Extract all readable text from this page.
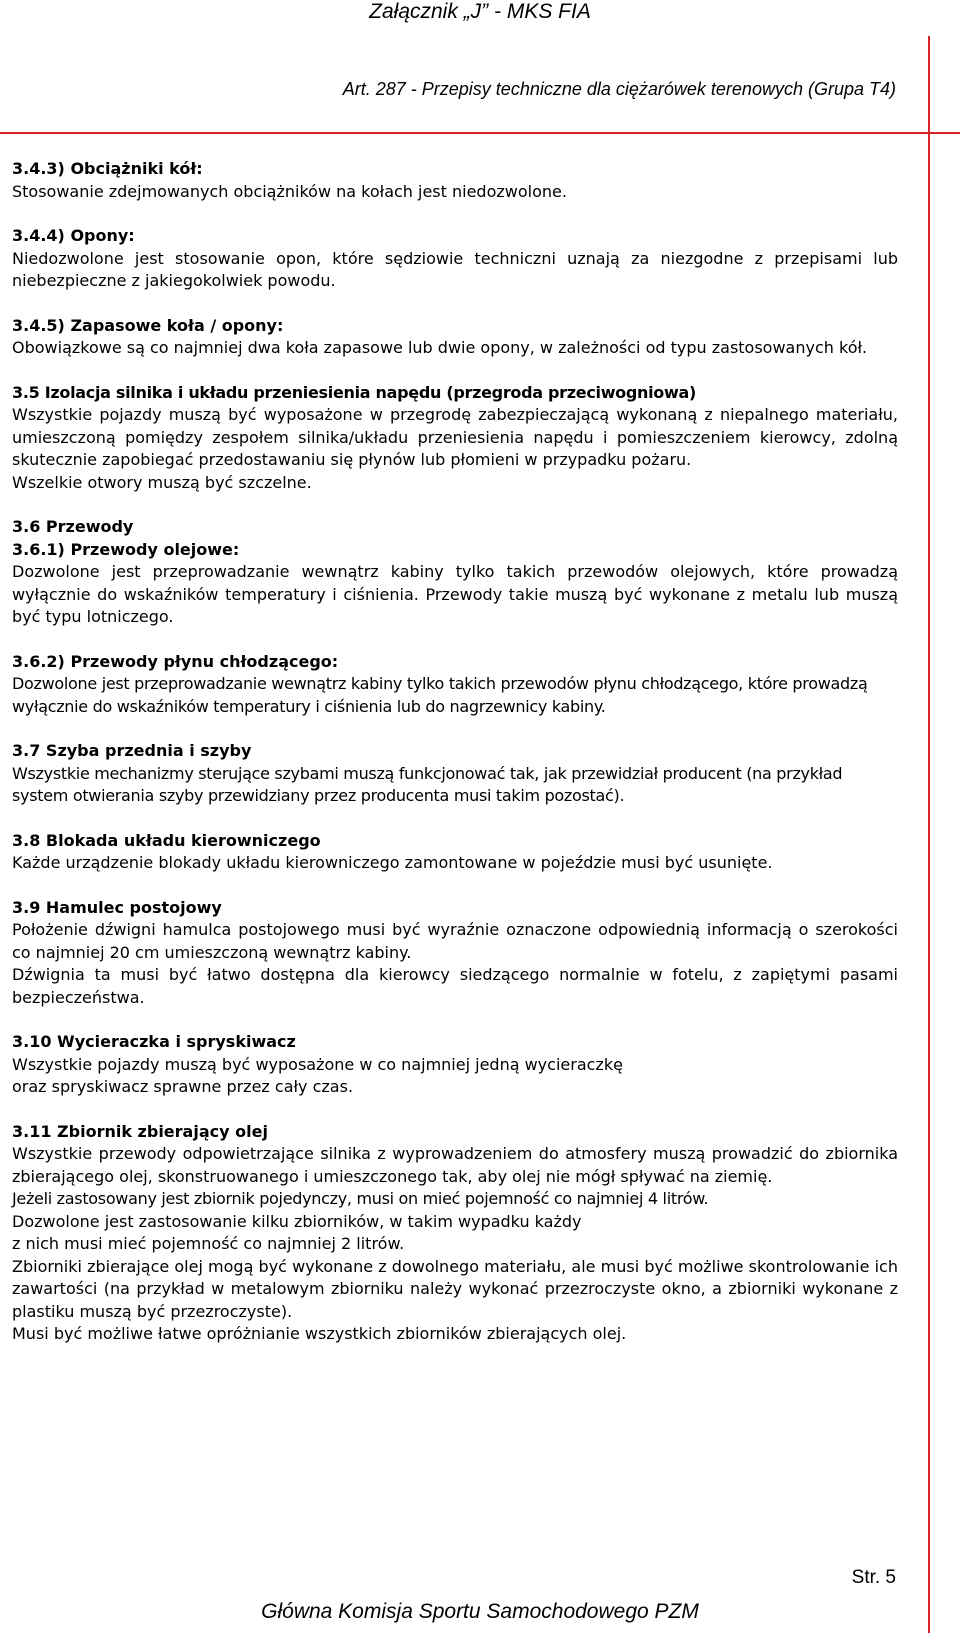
Załącznik „J” - MKS FIA
Art. 287 - Przepisy techniczne dla ciężarówek terenowych (Grupa T4)

3.4.3) Obciążniki kół:

Stosowanie zdejmowanych obciążników na kołach jest niedozwolone.

3.4.4) Opony:

Niedozwolone jest stosowanie opon, które sędziowie techniczni uznają za niezgodne z przepisami lub niebezpieczne z jakiegokolwiek powodu.

3.4.5) Zapasowe koła / opony:

Obowiązkowe są co najmniej dwa koła zapasowe lub dwie opony, w zależności od typu zastosowanych kół.

3.5 Izolacja silnika i układu przeniesienia napędu (przegroda przeciwogniowa)

Wszystkie pojazdy muszą być wyposażone w przegrodę zabezpieczającą wykonaną z niepalnego materiału, umieszczoną pomiędzy zespołem silnika/układu przeniesienia napędu i pomieszczeniem kierowcy, zdolną skutecznie zapobiegać przedostawaniu się płynów lub płomieni w przypadku pożaru.

Wszelkie otwory muszą być szczelne.

3.6 Przewody

3.6.1) Przewody olejowe:

Dozwolone jest przeprowadzanie wewnątrz kabiny tylko takich przewodów olejowych, które prowadzą wyłącznie do wskaźników temperatury i ciśnienia. Przewody takie muszą być wykonane z metalu lub muszą być typu lotniczego.

3.6.2) Przewody płynu chłodzącego:

Dozwolone jest przeprowadzanie wewnątrz kabiny tylko takich przewodów płynu chłodzącego, które prowadzą wyłącznie do wskaźników temperatury i ciśnienia lub do nagrzewnicy kabiny.

3.7 Szyba przednia i szyby

Wszystkie mechanizmy sterujące szybami muszą funkcjonować tak, jak przewidział producent (na przykład system otwierania szyby przewidziany przez producenta musi takim pozostać).

3.8 Blokada układu kierowniczego

Każde urządzenie blokady układu kierowniczego zamontowane w pojeździe musi być usunięte.

3.9 Hamulec postojowy

Położenie dźwigni hamulca postojowego musi być wyraźnie oznaczone odpowiednią informacją o szerokości co najmniej 20 cm umieszczoną wewnątrz kabiny.

Dźwignia ta musi być łatwo dostępna dla kierowcy siedzącego normalnie w fotelu, z zapiętymi pasami bezpieczeństwa.

3.10 Wycieraczka i spryskiwacz

Wszystkie pojazdy muszą być wyposażone w co najmniej jedną wycieraczkę

oraz spryskiwacz sprawne przez cały czas.

3.11 Zbiornik zbierający olej

Wszystkie przewody odpowietrzające silnika z wyprowadzeniem do atmosfery muszą prowadzić do zbiornika zbierającego olej, skonstruowanego i umieszczonego tak, aby olej nie mógł spływać na ziemię.

Jeżeli zastosowany jest zbiornik pojedynczy, musi on mieć pojemność co najmniej 4 litrów.

Dozwolone jest zastosowanie kilku zbiorników, w takim wypadku każdy

z nich musi mieć pojemność co najmniej 2 litrów.

Zbiorniki zbierające olej mogą być wykonane z dowolnego materiału, ale musi być możliwe skontrolowanie ich zawartości (na przykład w metalowym zbiorniku należy wykonać przezroczyste okno, a zbiorniki wykonane z plastiku muszą być przezroczyste).

Musi być możliwe łatwe opróżnianie wszystkich zbiorników zbierających olej.

Str. 5
Główna Komisja Sportu Samochodowego PZM
